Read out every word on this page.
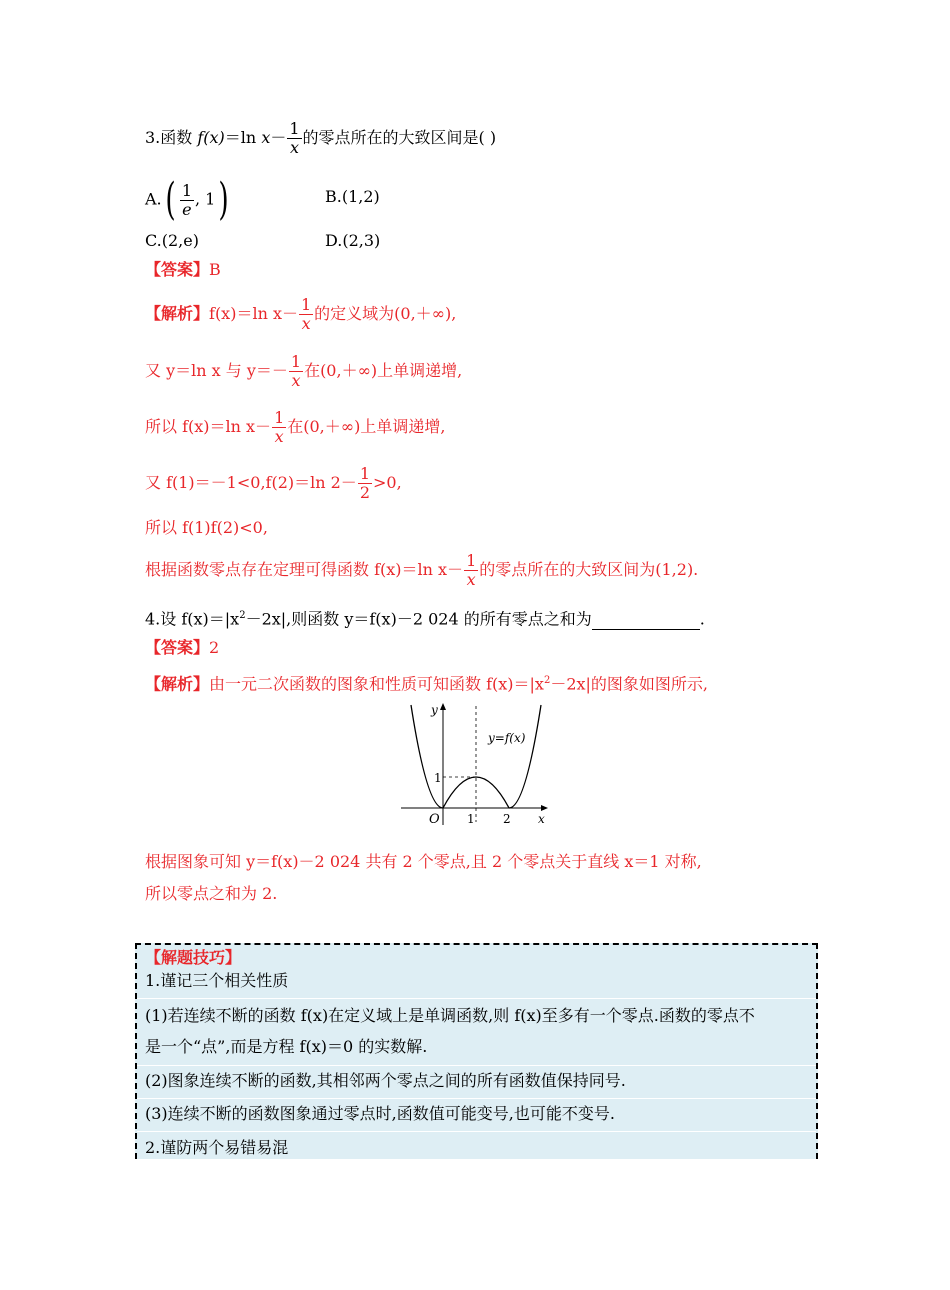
3.函数 f(x)＝ln $x- \frac{1}{x}$ 的零点所在的大致区间是( )
$A.( \frac{1}{e}$ , 1)	B.(1,2)
C.(2,e)	D.(2,3)
【答案】B
【解析】f(x)＝ln $x- \frac{1}{x}$ 的定义域为(0,＋∞),
又 y＝ln x 与 $y=- \frac{1}{x}$ 在(0,＋∞)上单调递增,
所以 f(x)＝ln $x- \frac{1}{x}$ 在(0,＋∞)上单调递增,
又 f(1)＝－1<0,f(2)＝ln $2- \frac{1}{2} >0$,
所以 f(1)f(2)<0,
根据函数零点存在定理可得函数 f(x)＝ln $x- \frac{1}{x}$ 的零点所在的大致区间为(1,2).
4.设 $f(x)=|x^2-2x|$,则函数 y＝f(x)－2 024 的所有零点之和为	.
【答案】2
【解析】由一元二次函数的图象和性质可知函数 $f(x)=|x^2-2x|$的图象如图所示,
y
x
O 1 2
1
y=f(x)
根据图象可知 y＝f(x)－2 024 共有 2 个零点,且 2 个零点关于直线 x＝1 对称,
所以零点之和为 2.
【解题技巧】
1.谨记三个相关性质
(1)若连续不断的函数 f(x)在定义域上是单调函数,则 f(x)至多有一个零点.函数的零点不
是一个“点”,而是方程 f(x)＝0 的实数解.
(2)图象连续不断的函数,其相邻两个零点之间的所有函数值保持同号.
(3)连续不断的函数图象通过零点时,函数值可能变号,也可能不变号.
2.谨防两个易错易混
